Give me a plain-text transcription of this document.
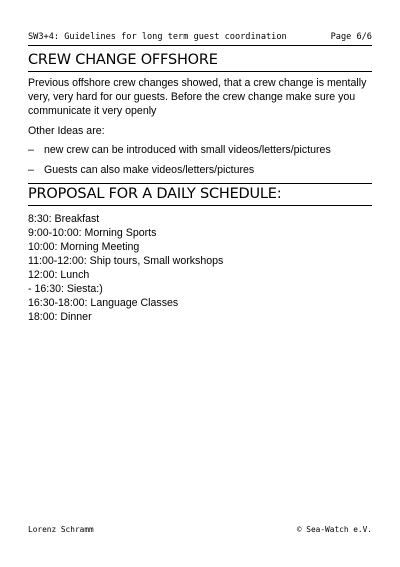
SW3+4: Guidelines for long term guest coordination	Page 6/6
CREW CHANGE OFFSHORE

Previous offshore crew changes showed, that a crew change is mentally very, very hard for our guests. Before the crew change make sure you communicate it very openly

Other Ideas are:

– new crew can be introduced with small videos/letters/pictures
– Guests can also make videos/letters/pictures
PROPOSAL FOR A DAILY SCHEDULE:
8:30: Breakfast
9:00-10:00: Morning Sports
10:00: Morning Meeting
11:00-12:00: Ship tours, Small workshops
12:00: Lunch
- 16:30: Siesta:)
16:30-18:00: Language Classes
18:00: Dinner
Lorenz Schramm	© Sea-Watch e.V.
